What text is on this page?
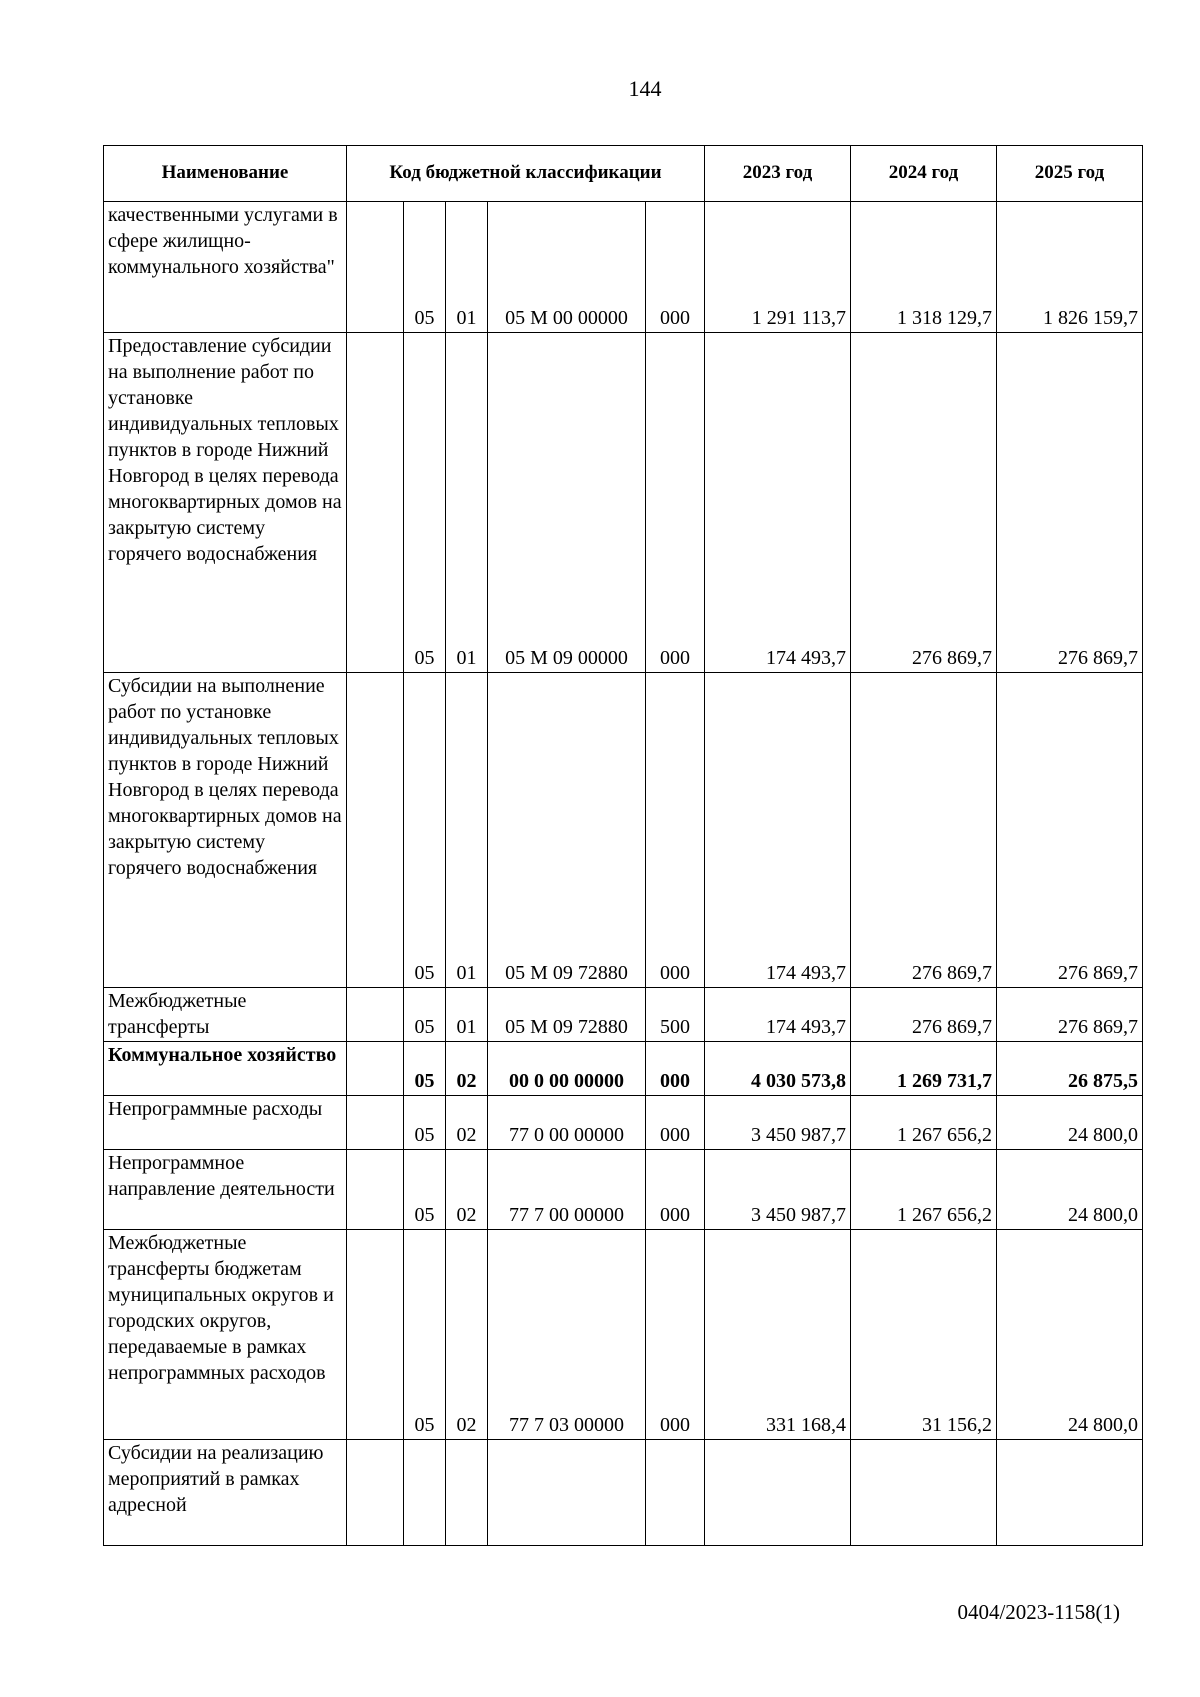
144
Наименование	Код бюджетной классификации					2023 год	2024 год	2025 год
качественными услугами в сфере жилищно-коммунального хозяйства"		05	01	05 М 00 00000	000	1 291 113,7	1 318 129,7	1 826 159,7
Предоставление субсидии на выполнение работ по установке индивидуальных тепловых пунктов в городе Нижний Новгород в целях перевода многоквартирных домов на закрытую систему горячего водоснабжения		05	01	05 М 09 00000	000	174 493,7	276 869,7	276 869,7
Субсидии на выполнение работ по установке индивидуальных тепловых пунктов в городе Нижний Новгород в целях перевода многоквартирных домов на закрытую систему горячего водоснабжения		05	01	05 М 09 72880	000	174 493,7	276 869,7	276 869,7
Межбюджетные трансферты		05	01	05 М 09 72880	500	174 493,7	276 869,7	276 869,7
Коммунальное хозяйство		05	02	00 0 00 00000	000	4 030 573,8	1 269 731,7	26 875,5
Непрограммные расходы		05	02	77 0 00 00000	000	3 450 987,7	1 267 656,2	24 800,0
Непрограммное направление деятельности		05	02	77 7 00 00000	000	3 450 987,7	1 267 656,2	24 800,0
Межбюджетные трансферты бюджетам муниципальных округов и городских округов, передаваемые в рамках непрограммных расходов		05	02	77 7 03 00000	000	331 168,4	31 156,2	24 800,0
Субсидии на реализацию мероприятий в рамках адресной								
0404/2023-1158(1)
